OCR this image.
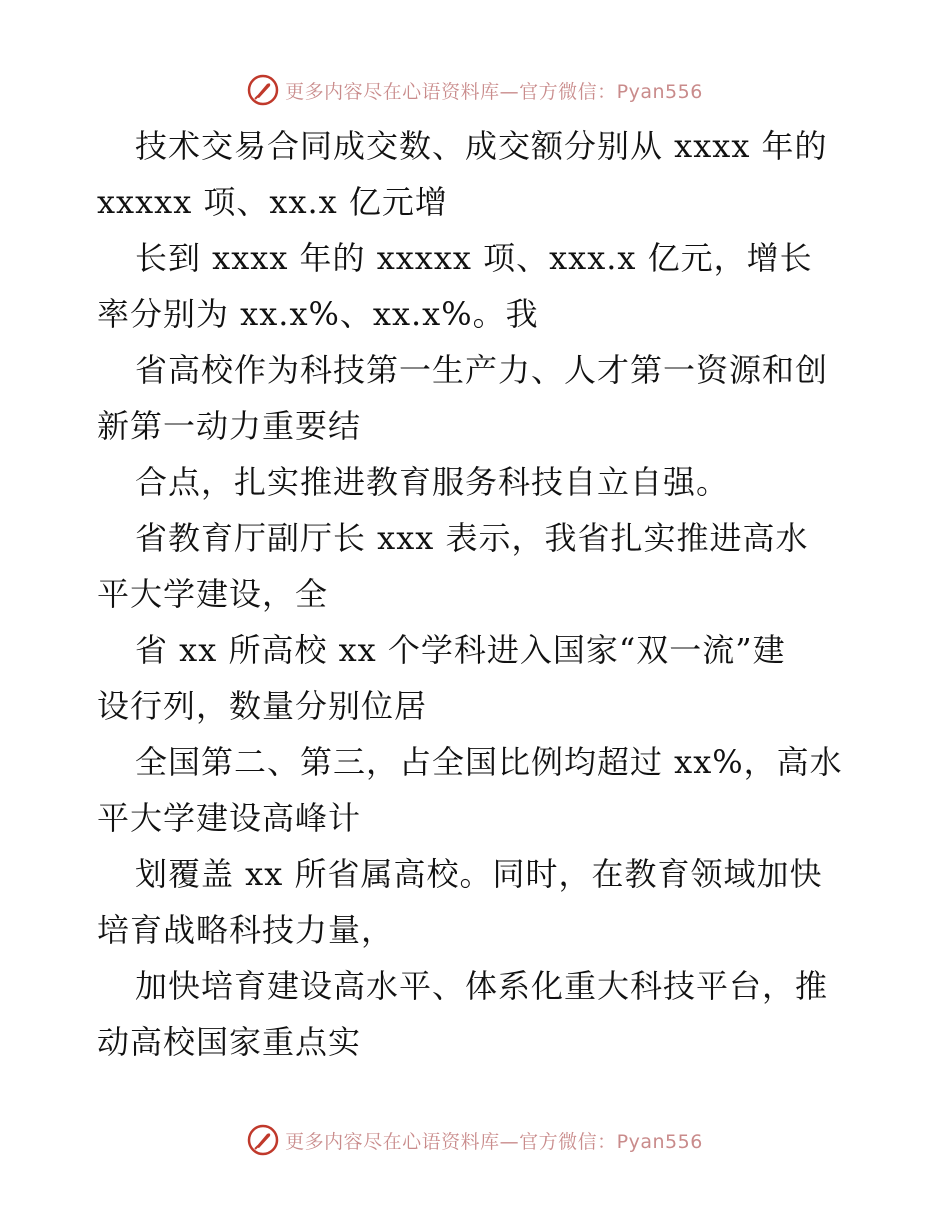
更多内容尽在心语资料库—官方微信：Pyan556
技术交易合同成交数、成交额分别从 xxxx 年的
xxxxx 项、xx.x 亿元增
长到 xxxx 年的 xxxxx 项、xxx.x 亿元，增长
率分别为 xx.x%、xx.x%。我
省高校作为科技第一生产力、人才第一资源和创
新第一动力重要结
合点，扎实推进教育服务科技自立自强。
省教育厅副厅长 xxx 表示，我省扎实推进高水
平大学建设，全
省 xx 所高校 xx 个学科进入国家“双一流”建
设行列，数量分别位居
全国第二、第三，占全国比例均超过 xx%，高水
平大学建设高峰计
划覆盖 xx 所省属高校。同时，在教育领域加快
培育战略科技力量，
加快培育建设高水平、体系化重大科技平台，推
动高校国家重点实
更多内容尽在心语资料库—官方微信：Pyan556
